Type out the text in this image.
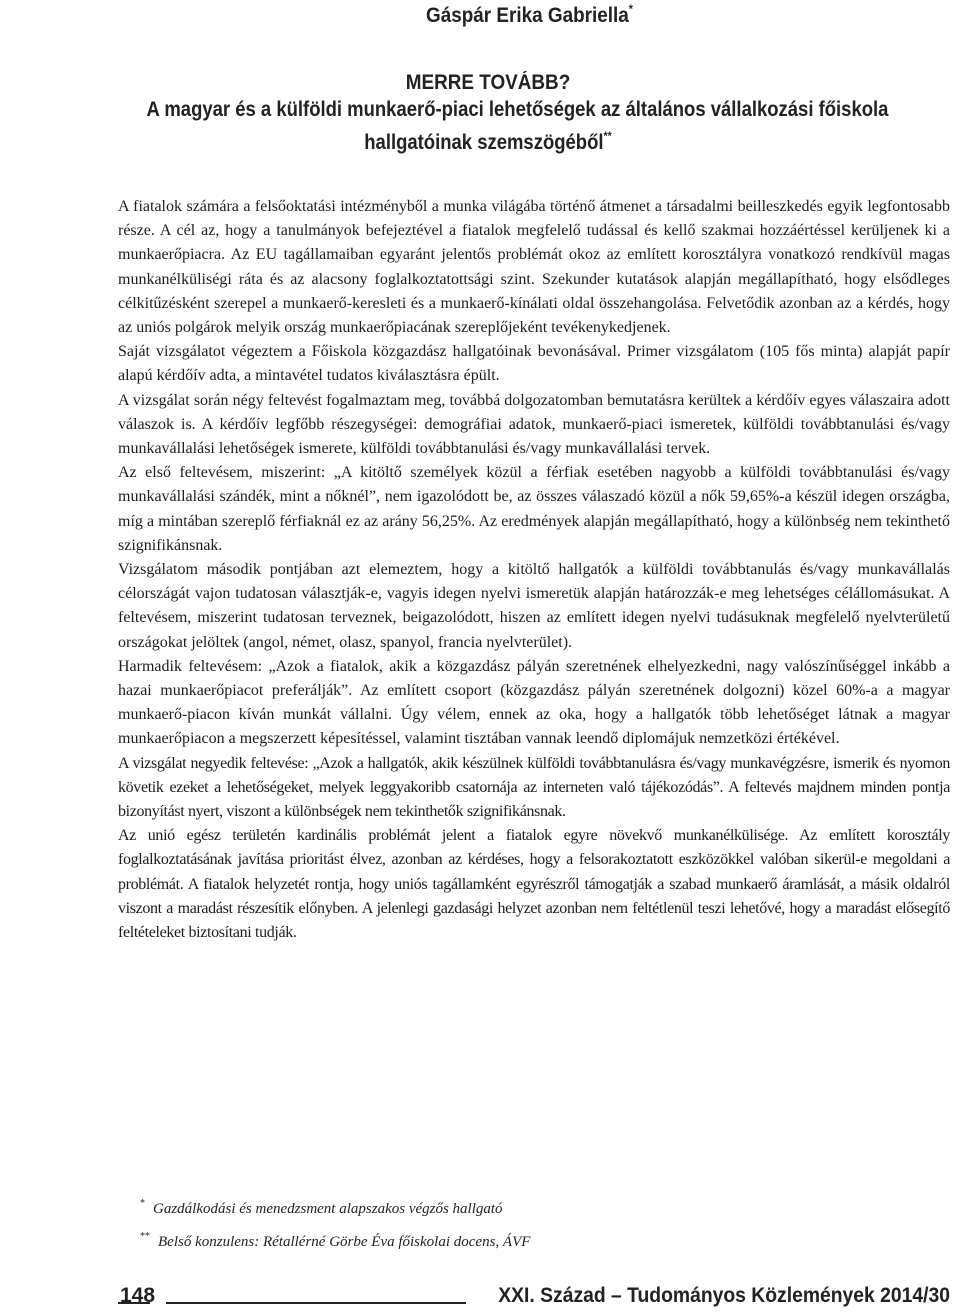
Gáspár Erika Gabriella*
MERRE TOVÁBB?
A magyar és a külföldi munkaerő-piaci lehetőségek az általános vállalkozási főiskola
hallgatóinak szemszögéből**

A fiatalok számára a felsőoktatási intézményből a munka világába történő átmenet a társadalmi beilleszkedés egyik legfontosabb része. A cél az, hogy a tanulmányok befejeztével a fiatalok megfelelő tudással és kellő szakmai hozzáértéssel kerüljenek ki a munkaerőpiacra. Az EU tagállamaiban egyaránt jelentős problémát okoz az említett korosztályra vonatkozó rendkívül magas munkanélküliségi ráta és az alacsony foglalkoztatottsági szint. Szekunder kutatások alapján megállapítható, hogy elsődleges célkitűzésként szerepel a munkaerő-keresleti és a munkaerő-kínálati oldal összehangolása. Felvetődik azonban az a kérdés, hogy az uniós polgárok melyik ország munkaerőpiacának szereplőjeként tevékenykedjenek.

Saját vizsgálatot végeztem a Főiskola közgazdász hallgatóinak bevonásával. Primer vizsgálatom (105 fős minta) alapját papír alapú kérdőív adta, a mintavétel tudatos kiválasztásra épült.

A vizsgálat során négy feltevést fogalmaztam meg, továbbá dolgozatomban bemutatásra kerültek a kérdőív egyes válaszaira adott válaszok is. A kérdőív legfőbb részegységei: demográfiai adatok, munkaerő-piaci ismeretek, külföldi továbbtanulási és/vagy munkavállalási lehetőségek ismerete, külföldi továbbtanulási és/vagy munkavállalási tervek.

Az első feltevésem, miszerint: „A kitöltő személyek közül a férfiak esetében nagyobb a külföldi továbbtanulási és/vagy munkavállalási szándék, mint a nőknél”, nem igazolódott be, az összes válaszadó közül a nők 59,65%-a készül idegen országba, míg a mintában szereplő férfiaknál ez az arány 56,25%. Az eredmények alapján megállapítható, hogy a különbség nem tekinthető szignifikánsnak.

Vizsgálatom második pontjában azt elemeztem, hogy a kitöltő hallgatók a külföldi továbbtanulás és/vagy munkavállalás célországát vajon tudatosan választják-e, vagyis idegen nyelvi ismeretük alapján határozzák-e meg lehetséges célállomásukat. A feltevésem, miszerint tudatosan terveznek, beigazolódott, hiszen az említett idegen nyelvi tudásuknak megfelelő nyelvterületű országokat jelöltek (angol, német, olasz, spanyol, francia nyelvterület).

Harmadik feltevésem: „Azok a fiatalok, akik a közgazdász pályán szeretnének elhelyezkedni, nagy valószínűséggel inkább a hazai munkaerőpiacot preferálják”. Az említett csoport (közgazdász pályán szeretnének dolgozni) közel 60%-a a magyar munkaerő-piacon kíván munkát vállalni. Úgy vélem, ennek az oka, hogy a hallgatók több lehetőséget látnak a magyar munkaerőpiacon a megszerzett képesítéssel, valamint tisztában vannak leendő diplomájuk nemzetközi értékével.

A vizsgálat negyedik feltevése: „Azok a hallgatók, akik készülnek külföldi továbbtanulásra és/vagy munkavégzésre, ismerik és nyomon követik ezeket a lehetőségeket, melyek leggyakoribb csatornája az interneten való tájékozódás”. A feltevés majdnem minden pontja bizonyítást nyert, viszont a különbségek nem tekinthetők szignifikánsnak.

Az unió egész területén kardinális problémát jelent a fiatalok egyre növekvő munkanélkülisége. Az említett korosztály foglalkoztatásának javítása prioritást élvez, azonban az kérdéses, hogy a felsorakoztatott eszközökkel valóban sikerül-e megoldani a problémát. A fiatalok helyzetét rontja, hogy uniós tagállamként egyrészről támogatják a szabad munkaerő áramlását, a másik oldalról viszont a maradást részesítik előnyben. A jelenlegi gazdasági helyzet azonban nem feltétlenül teszi lehetővé, hogy a maradást elősegítő feltételeket biztosítani tudják.

* Gazdálkodási és menedzsment alapszakos végzős hallgató
** Belső konzulens: Rétallérné Görbe Éva főiskolai docens, ÁVF
148	XXI. Század – Tudományos Közlemények 2014/30
